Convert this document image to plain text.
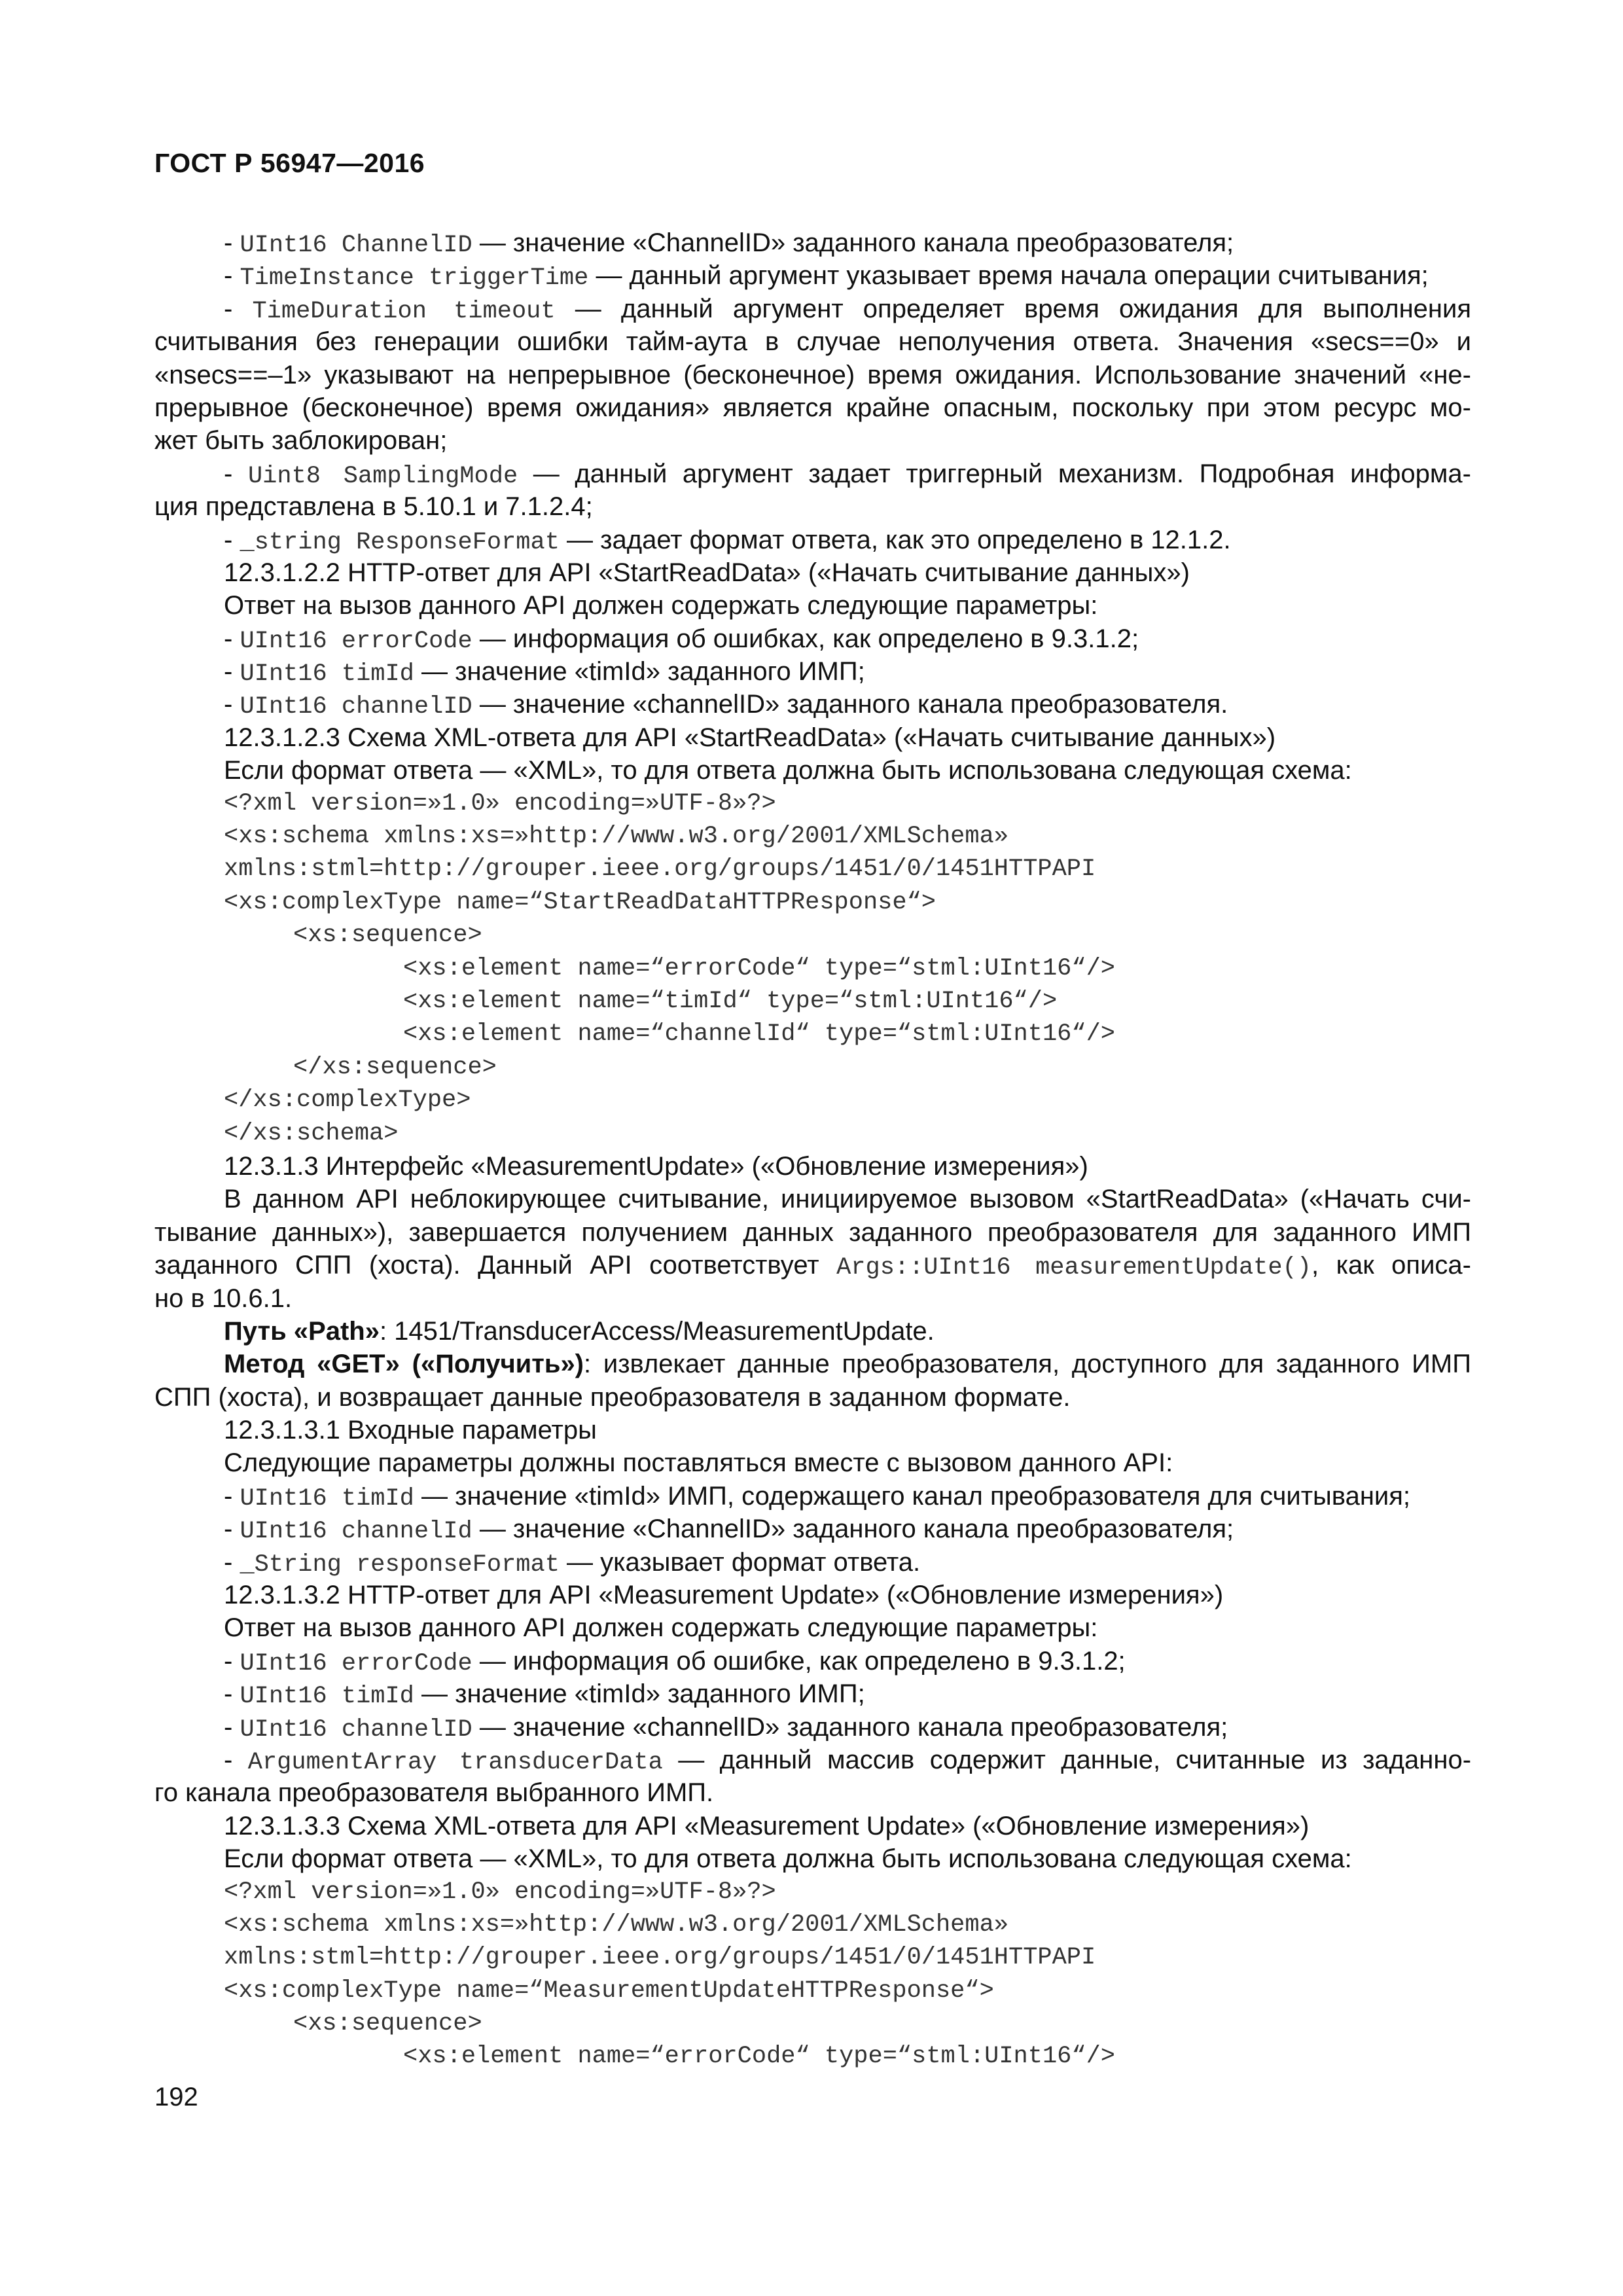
ГОСТ Р 56947—2016
- UInt16 ChannelID — значение «ChannelID» заданного канала преобразователя;
- TimeInstance triggerTime — данный аргумент указывает время начала операции считывания;
- TimeDuration timeout — данный аргумент определяет время ожидания для выполнения
считывания без генерации ошибки тайм-аута в случае неполучения ответа. Значения «secs==0» и
«nsecs==–1» указывают на непрерывное (бесконечное) время ожидания. Использование значений «не-
прерывное (бесконечное) время ожидания» является крайне опасным, поскольку при этом ресурс мо-
жет быть заблокирован;
- Uint8 SamplingMode — данный аргумент задает триггерный механизм. Подробная информа-
ция представлена в 5.10.1 и 7.1.2.4;
- _string ResponseFormat — задает формат ответа, как это определено в 12.1.2.
12.3.1.2.2 HTTP-ответ для API «StartReadData» («Начать считывание данных»)
Ответ на вызов данного API должен содержать следующие параметры:
- UInt16 errorCode — информация об ошибках, как определено в 9.3.1.2;
- UInt16 timId — значение «timId» заданного ИМП;
- UInt16 channelID — значение «channelID» заданного канала преобразователя.
12.3.1.2.3 Схема XML-ответа для API «StartReadData» («Начать считывание данных»)
Если формат ответа — «XML», то для ответа должна быть использована следующая схема:
<?xml version=»1.0» encoding=»UTF-8»?>
<xs:schema xmlns:xs=»http://www.w3.org/2001/XMLSchema»
xmlns:stml=http://grouper.ieee.org/groups/1451/0/1451HTTPAPI
<xs:complexType name=“StartReadDataHTTPResponse“>
<xs:sequence>
<xs:element name=“errorCode“ type=“stml:UInt16“/>
<xs:element name=“timId“ type=“stml:UInt16“/>
<xs:element name=“channelId“ type=“stml:UInt16“/>
</xs:sequence>
</xs:complexType>
</xs:schema>
12.3.1.3 Интерфейс «MeasurementUpdate» («Обновление измерения»)
В данном API неблокирующее считывание, инициируемое вызовом «StartReadData» («Начать счи-
тывание данных»), завершается получением данных заданного преобразователя для заданного ИМП
заданного СПП (хоста). Данный API соответствует Args::UInt16 measurementUpdate(), как описа-
но в 10.6.1.
Путь «Path»: 1451/TransducerAccess/MeasurementUpdate.
Метод «GET» («Получить»): извлекает данные преобразователя, доступного для заданного ИМП
СПП (хоста), и возвращает данные преобразователя в заданном формате.
12.3.1.3.1 Входные параметры
Следующие параметры должны поставляться вместе с вызовом данного API:
- UInt16 timId — значение «timId» ИМП, содержащего канал преобразователя для считывания;
- UInt16 channelId — значение «ChannelID» заданного канала преобразователя;
- _String responseFormat — указывает формат ответа.
12.3.1.3.2 HTTP-ответ для API «Measurement Update» («Обновление измерения»)
Ответ на вызов данного API должен содержать следующие параметры:
- UInt16 errorCode — информация об ошибке, как определено в 9.3.1.2;
- UInt16 timId — значение «timId» заданного ИМП;
- UInt16 channelID — значение «channelID» заданного канала преобразователя;
- ArgumentArray transducerData — данный массив содержит данные, считанные из заданно-
го канала преобразователя выбранного ИМП.
12.3.1.3.3 Схема XML-ответа для API «Measurement Update» («Обновление измерения»)
Если формат ответа — «XML», то для ответа должна быть использована следующая схема:
<?xml version=»1.0» encoding=»UTF-8»?>
<xs:schema xmlns:xs=»http://www.w3.org/2001/XMLSchema»
xmlns:stml=http://grouper.ieee.org/groups/1451/0/1451HTTPAPI
<xs:complexType name=“MeasurementUpdateHTTPResponse“>
<xs:sequence>
<xs:element name=“errorCode“ type=“stml:UInt16“/>
192
